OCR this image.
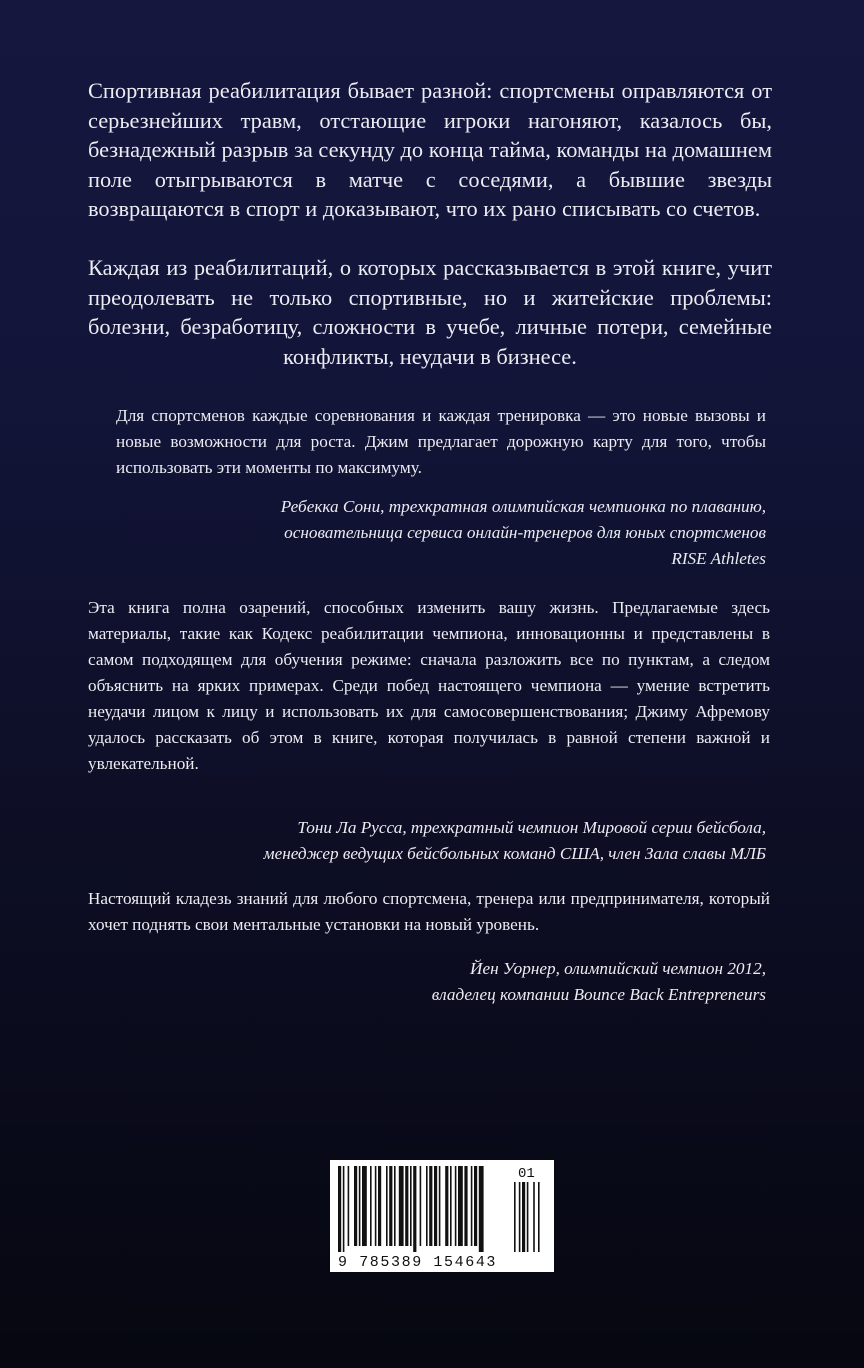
Спортивная реабилитация бывает разной: спортсмены оправляются от серьезнейших травм, отстающие игроки нагоняют, казалось бы, безнадежный разрыв за секунду до конца тайма, команды на домашнем поле отыгрываются в матче с соседями, а бывшие звезды возвращаются в спорт и доказывают, что их рано списывать со счетов.

Каждая из реабилитаций, о которых рассказывается в этой книге, учит преодолевать не только спортивные, но и житейские проблемы: болезни, безработицу, сложности в учебе, личные потери, семейные конфликты, неудачи в бизнесе.

Для спортсменов каждые соревнования и каждая тренировка — это новые вызовы и новые возможности для роста. Джим предлагает дорожную карту для того, чтобы использовать эти моменты по максимуму.

Ребекка Сони, трехкратная олимпийская чемпионка по плаванию,
основательница сервиса онлайн-тренеров для юных спортсменов
RISE Athletes

Эта книга полна озарений, способных изменить вашу жизнь. Предлагаемые здесь материалы, такие как Кодекс реабилитации чемпиона, инновационны и представлены в самом подходящем для обучения режиме: сначала разложить все по пунктам, а следом объяснить на ярких примерах. Среди побед настоящего чемпиона — умение встретить неудачи лицом к лицу и использовать их для самосовершенствования; Джиму Афремову удалось рассказать об этом в книге, которая получилась в равной степени важной и увлекательной.

Тони Ла Русса, трехкратный чемпион Мировой серии бейсбола,
менеджер ведущих бейсбольных команд США, член Зала славы МЛБ

Настоящий кладезь знаний для любого спортсмена, тренера или предпринимателя, который хочет поднять свои ментальные установки на новый уровень.

Йен Уорнер, олимпийский чемпион 2012,
владелец компании Bounce Back Entrepreneurs

9 785389 154643
01
